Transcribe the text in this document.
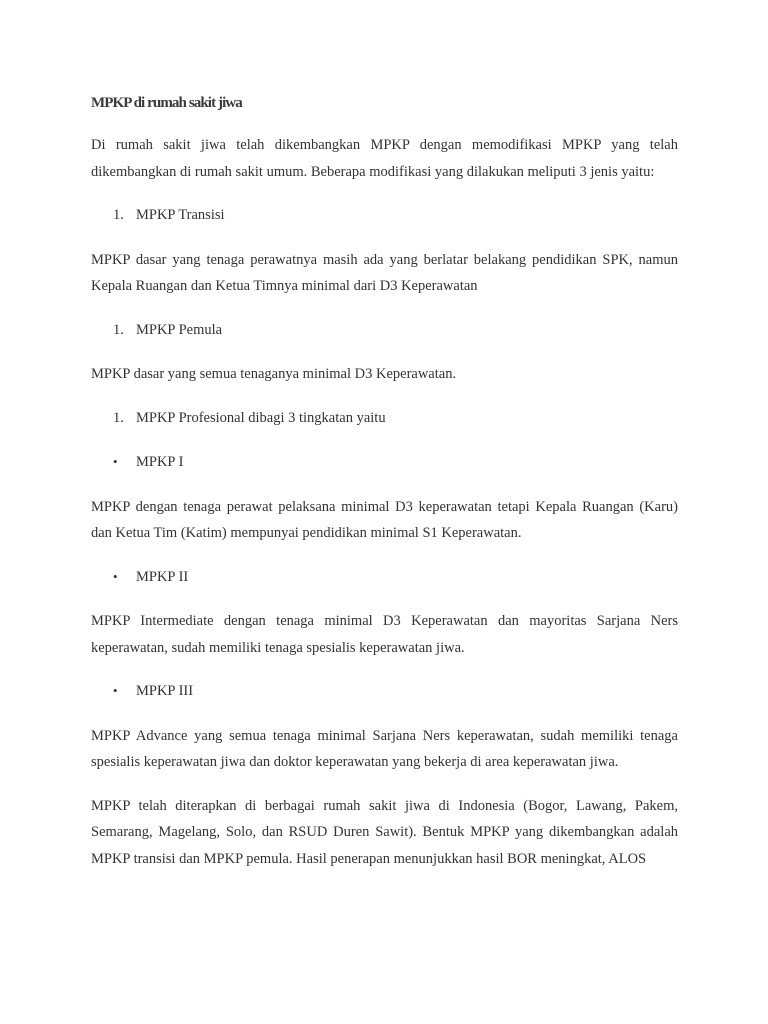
MPKP di rumah sakit jiwa

Di rumah sakit jiwa telah dikembangkan MPKP dengan memodifikasi MPKP yang telah dikembangkan di rumah sakit umum. Beberapa modifikasi yang dilakukan meliputi 3 jenis yaitu:

1. MPKP Transisi

MPKP dasar yang tenaga perawatnya masih ada yang berlatar belakang pendidikan SPK, namun Kepala Ruangan dan Ketua Timnya minimal dari D3 Keperawatan

1. MPKP Pemula

MPKP dasar yang semua tenaganya minimal D3 Keperawatan.

1. MPKP Profesional dibagi 3 tingkatan yaitu
• MPKP I

MPKP dengan tenaga perawat pelaksana minimal D3 keperawatan tetapi Kepala Ruangan (Karu) dan Ketua Tim (Katim) mempunyai pendidikan minimal S1 Keperawatan.

• MPKP II

MPKP Intermediate dengan tenaga minimal D3 Keperawatan dan mayoritas Sarjana Ners keperawatan, sudah memiliki tenaga spesialis keperawatan jiwa.

• MPKP III

MPKP Advance yang semua tenaga minimal Sarjana Ners keperawatan, sudah memiliki tenaga spesialis keperawatan jiwa dan doktor keperawatan yang bekerja di area keperawatan jiwa.

MPKP telah diterapkan di berbagai rumah sakit jiwa di Indonesia (Bogor, Lawang, Pakem, Semarang, Magelang, Solo, dan RSUD Duren Sawit). Bentuk MPKP yang dikembangkan adalah MPKP transisi dan MPKP pemula. Hasil penerapan menunjukkan hasil BOR meningkat, ALOS
